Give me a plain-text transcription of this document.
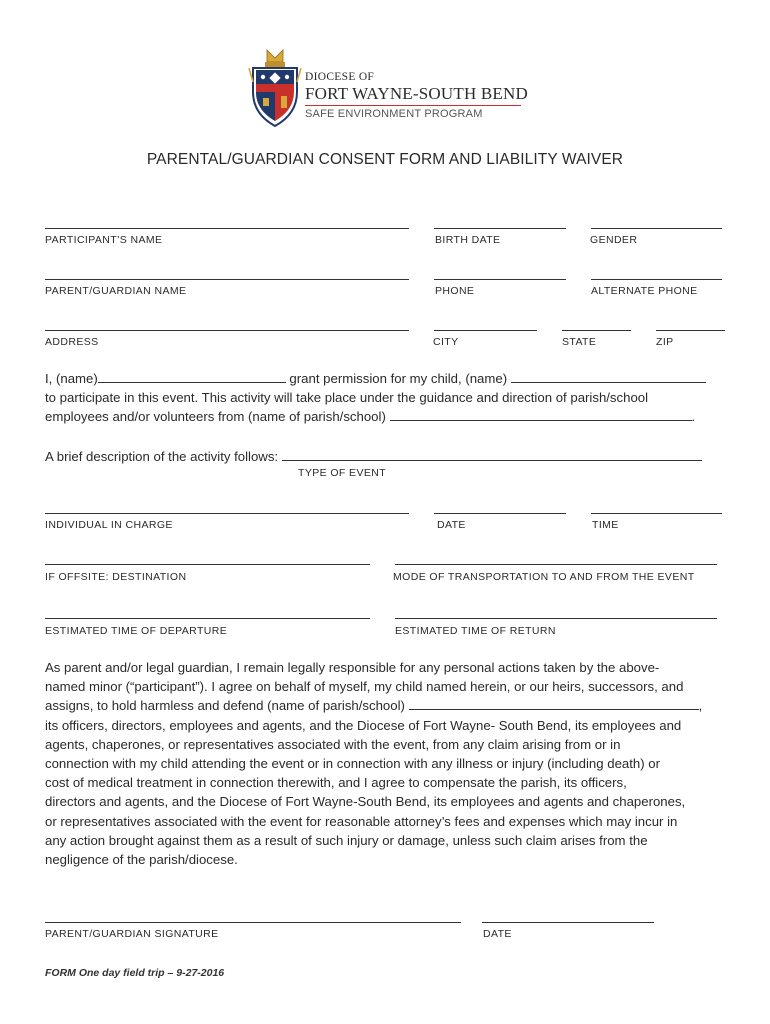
DIOCESE OF
FORT WAYNE-SOUTH BEND
SAFE ENVIRONMENT PROGRAM
PARENTAL/GUARDIAN CONSENT FORM AND LIABILITY WAIVER
PARTICIPANT’S NAME	BIRTH DATE	GENDER
PARENT/GUARDIAN NAME	PHONE	ALTERNATE PHONE
ADDRESS	CITY	STATE	ZIP
I, (name)	grant permission for my child, (name)
to participate in this event. This activity will take place under the guidance and direction of parish/school
employees and/or volunteers from (name of parish/school)	.
A brief description of the activity follows:
TYPE OF EVENT
INDIVIDUAL IN CHARGE	DATE	TIME
IF OFFSITE: DESTINATION	MODE OF TRANSPORTATION TO AND FROM THE EVENT
ESTIMATED TIME OF DEPARTURE	ESTIMATED TIME OF RETURN
As parent and/or legal guardian, I remain legally responsible for any personal actions taken by the above-
named minor (“participant”). I agree on behalf of myself, my child named herein, or our heirs, successors, and
assigns, to hold harmless and defend (name of parish/school)	,
its officers, directors, employees and agents, and the Diocese of Fort Wayne- South Bend, its employees and
agents, chaperones, or representatives associated with the event, from any claim arising from or in
connection with my child attending the event or in connection with any illness or injury (including death) or
cost of medical treatment in connection therewith, and I agree to compensate the parish, its officers,
directors and agents, and the Diocese of Fort Wayne-South Bend, its employees and agents and chaperones,
or representatives associated with the event for reasonable attorney’s fees and expenses which may incur in
any action brought against them as a result of such injury or damage, unless such claim arises from the
negligence of the parish/diocese.
PARENT/GUARDIAN SIGNATURE	DATE
FORM One day field trip – 9-27-2016
